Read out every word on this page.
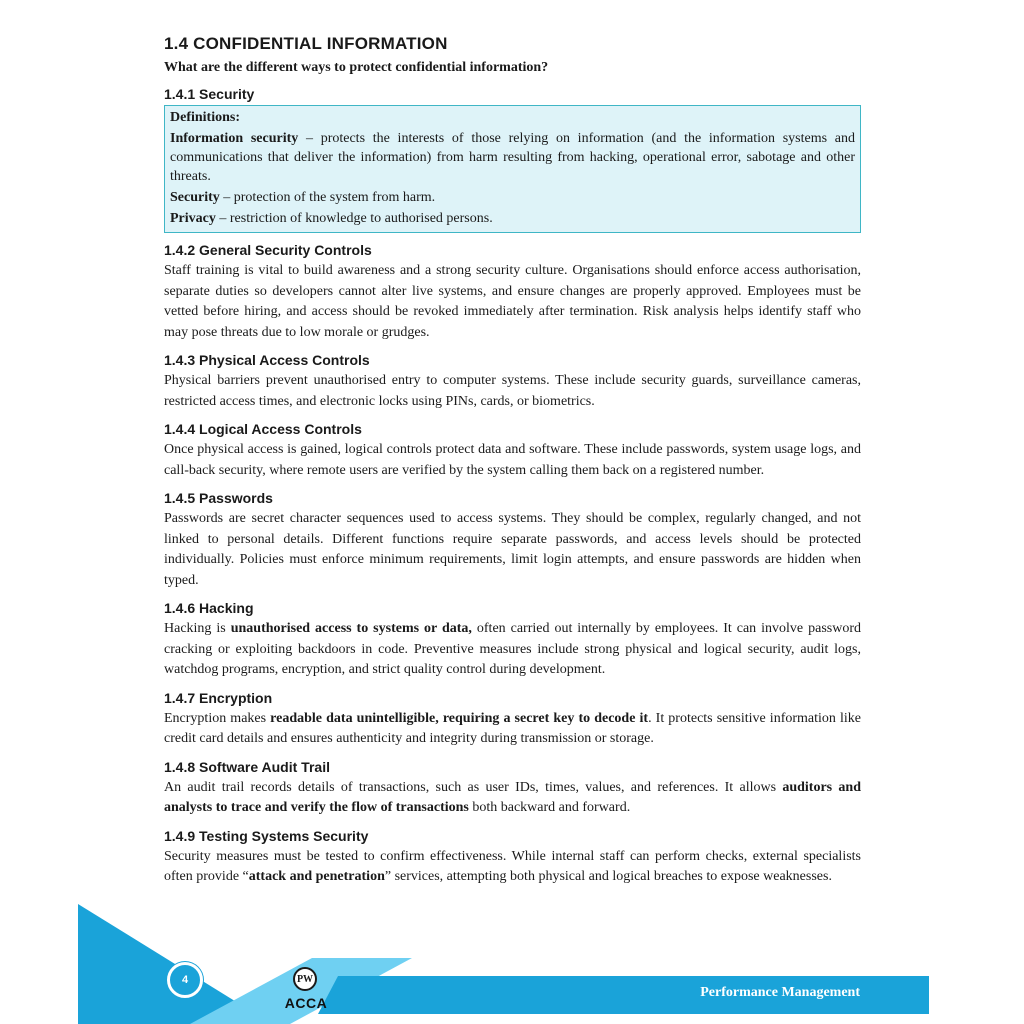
1.4 CONFIDENTIAL INFORMATION
What are the different ways to protect confidential information?
1.4.1 Security

Definitions:

Information security – protects the interests of those relying on information (and the information systems and communications that deliver the information) from harm resulting from hacking, operational error, sabotage and other threats.

Security – protection of the system from harm.

Privacy – restriction of knowledge to authorised persons.

1.4.2 General Security Controls

Staff training is vital to build awareness and a strong security culture. Organisations should enforce access authorisation, separate duties so developers cannot alter live systems, and ensure changes are properly approved. Employees must be vetted before hiring, and access should be revoked immediately after termination. Risk analysis helps identify staff who may pose threats due to low morale or grudges.

1.4.3 Physical Access Controls

Physical barriers prevent unauthorised entry to computer systems. These include security guards, surveillance cameras, restricted access times, and electronic locks using PINs, cards, or biometrics.

1.4.4 Logical Access Controls

Once physical access is gained, logical controls protect data and software. These include passwords, system usage logs, and call-back security, where remote users are verified by the system calling them back on a registered number.

1.4.5 Passwords

Passwords are secret character sequences used to access systems. They should be complex, regularly changed, and not linked to personal details. Different functions require separate passwords, and access levels should be protected individually. Policies must enforce minimum requirements, limit login attempts, and ensure passwords are hidden when typed.

1.4.6 Hacking

Hacking is unauthorised access to systems or data, often carried out internally by employees. It can involve password cracking or exploiting backdoors in code. Preventive measures include strong physical and logical security, audit logs, watchdog programs, encryption, and strict quality control during development.

1.4.7 Encryption

Encryption makes readable data unintelligible, requiring a secret key to decode it. It protects sensitive information like credit card details and ensures authenticity and integrity during transmission or storage.

1.4.8 Software Audit Trail

An audit trail records details of transactions, such as user IDs, times, values, and references. It allows auditors and analysts to trace and verify the flow of transactions both backward and forward.

1.4.9 Testing Systems Security

Security measures must be tested to confirm effectiveness. While internal staff can perform checks, external specialists often provide “attack and penetration” services, attempting both physical and logical breaches to expose weaknesses.

4	PW
ACCA
Performance Management
